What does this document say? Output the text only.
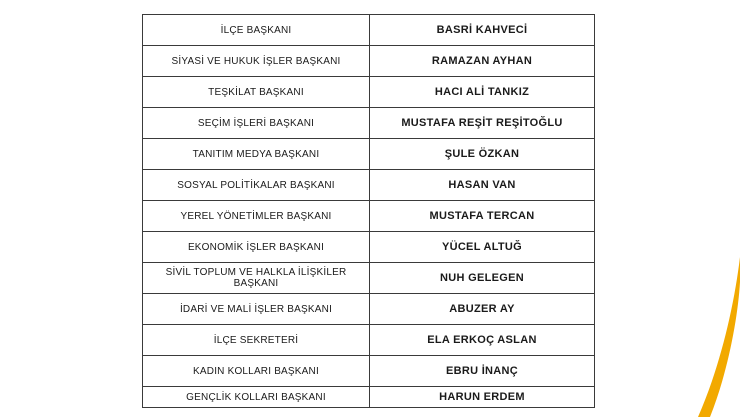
İLÇE BAŞKANI	BASRİ KAHVECİ
SİYASİ VE HUKUK İŞLER BAŞKANI	RAMAZAN AYHAN
TEŞKİLAT BAŞKANI	HACI ALİ TANKIZ
SEÇİM İŞLERİ BAŞKANI	MUSTAFA REŞİT REŞİTOĞLU
TANITIM MEDYA BAŞKANI	ŞULE ÖZKAN
SOSYAL POLİTİKALAR BAŞKANI	HASAN VAN
YEREL YÖNETİMLER BAŞKANI	MUSTAFA TERCAN
EKONOMİK İŞLER BAŞKANI	YÜCEL ALTUĞ
SİVİL TOPLUM VE HALKLA İLİŞKİLER BAŞKANI	NUH GELEGEN
İDARİ VE MALİ İŞLER BAŞKANI	ABUZER AY
İLÇE SEKRETERİ	ELA ERKOÇ ASLAN
KADIN KOLLARI BAŞKANI	EBRU İNANÇ
GENÇLİK KOLLARI BAŞKANI	HARUN ERDEM
